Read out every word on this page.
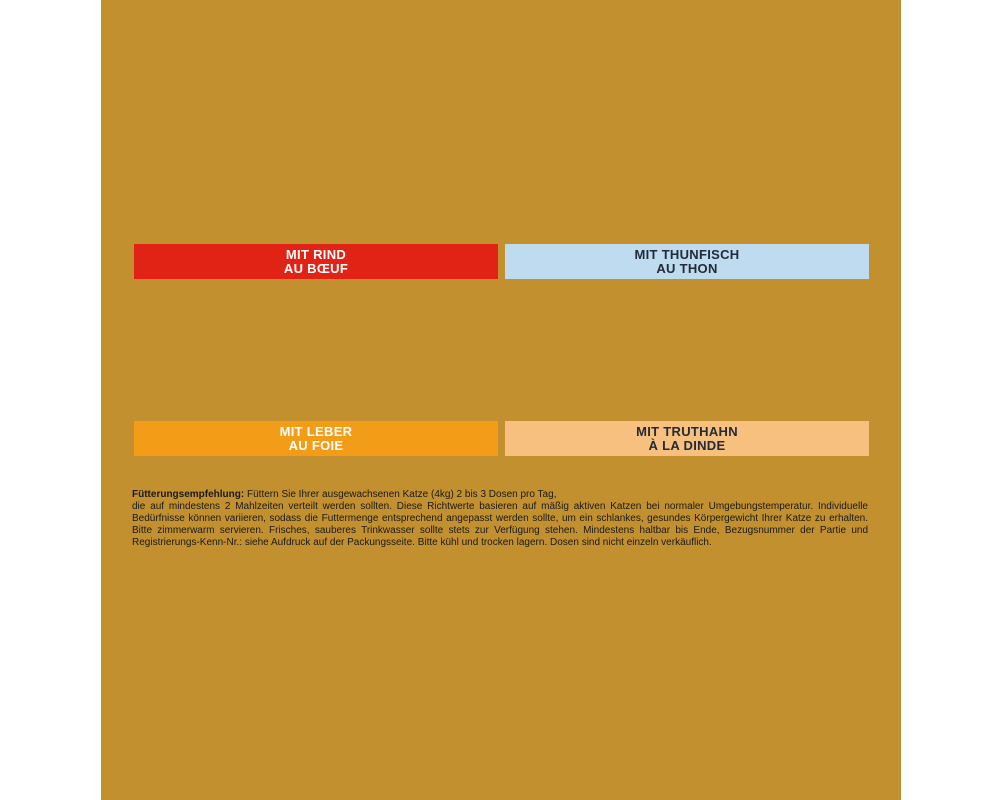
MIT RIND
AU BŒUF
MIT THUNFISCH
AU THON
MIT LEBER
AU FOIE
MIT TRUTHAHN
À LA DINDE
Fütterungsempfehlung: Füttern Sie Ihrer ausgewachsenen Katze (4kg) 2 bis 3 Dosen pro Tag,
die auf mindestens 2 Mahlzeiten verteilt werden sollten. Diese Richtwerte basieren auf mäßig aktiven Katzen bei normaler Umgebungstemperatur. Individuelle Bedürfnisse können variieren, sodass die Futtermenge entsprechend angepasst werden sollte, um ein schlankes, gesundes Körpergewicht Ihrer Katze zu erhalten. Bitte zimmerwarm servieren. Frisches, sauberes Trinkwasser sollte stets zur Verfügung stehen. Mindestens haltbar bis Ende, Bezugsnummer der Partie und Registrierungs-Kenn-Nr.: siehe Aufdruck auf der Packungsseite. Bitte kühl und trocken lagern. Dosen sind nicht einzeln verkäuflich.
